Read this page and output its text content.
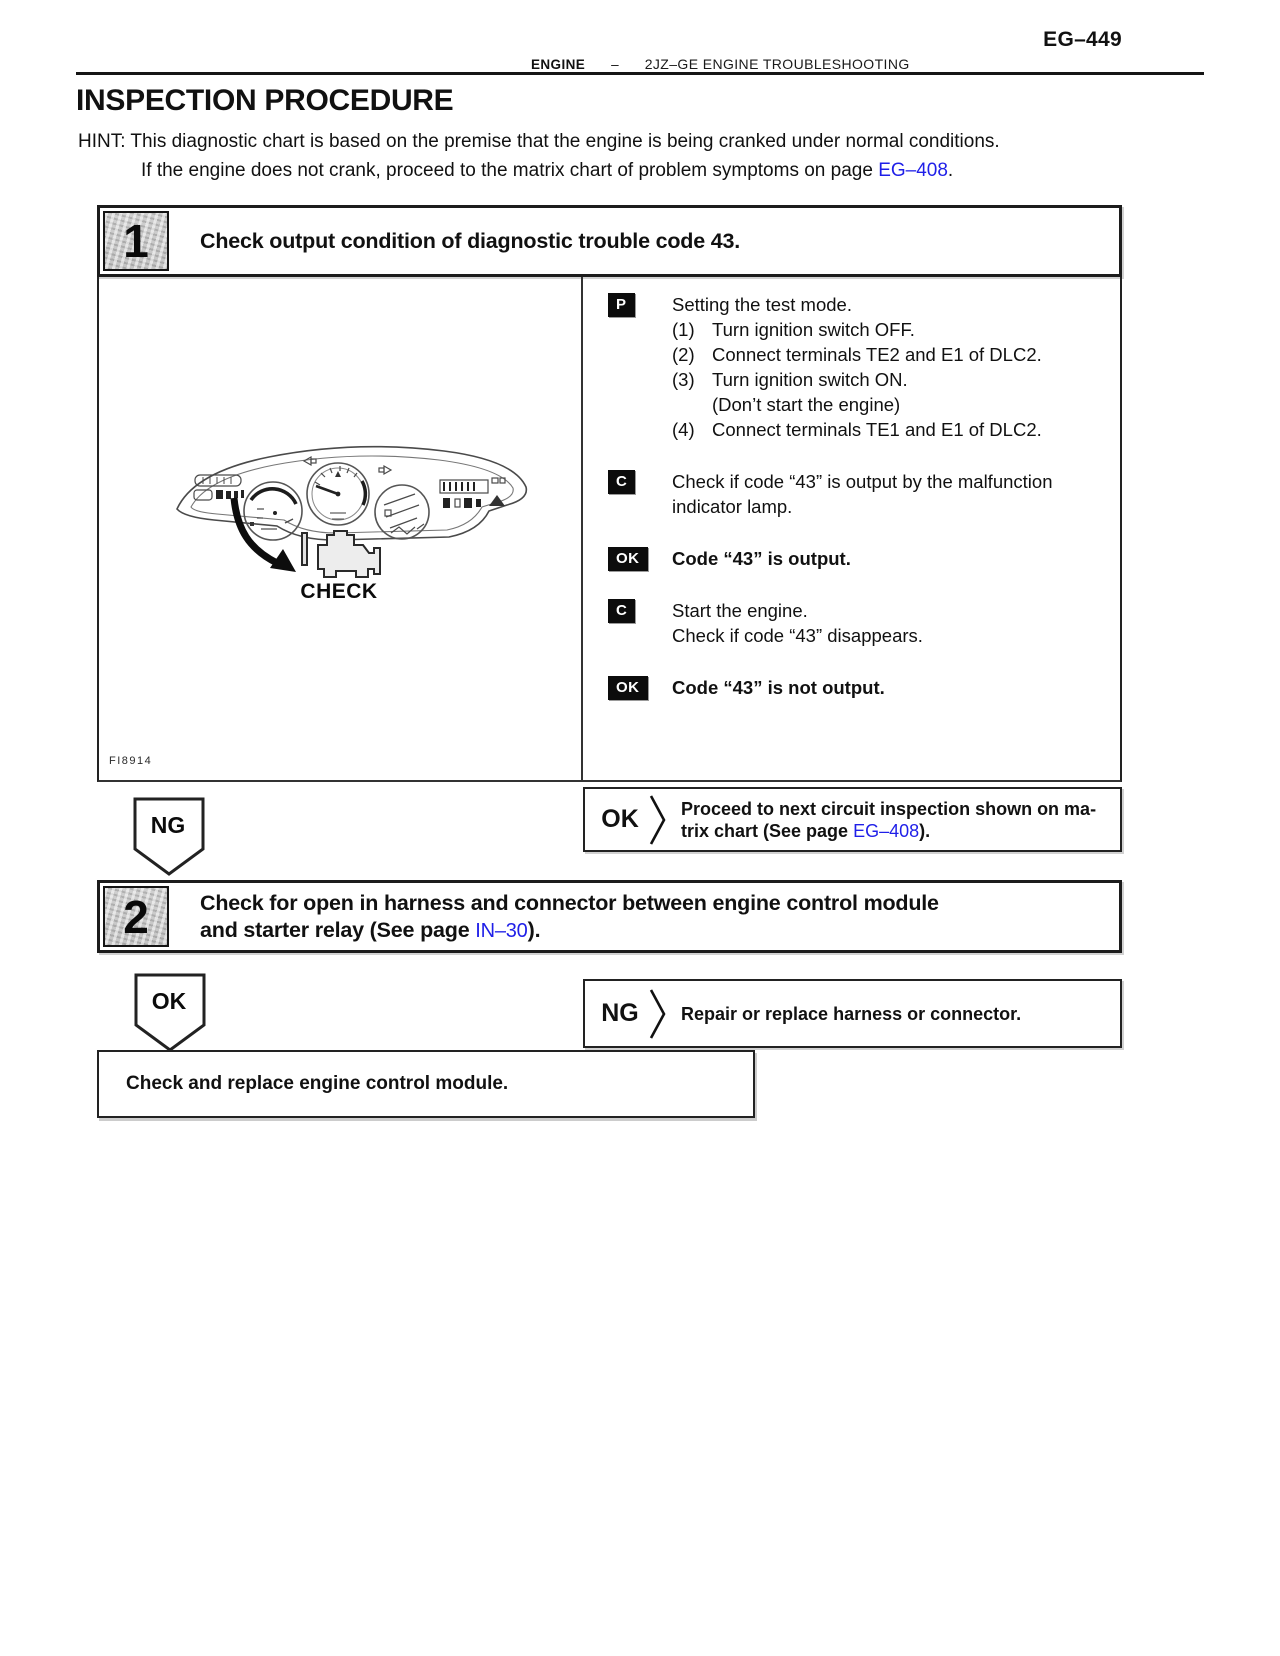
EG–449
ENGINE – 2JZ–GE ENGINE TROUBLESHOOTING
INSPECTION PROCEDURE
HINT: This diagnostic chart is based on the premise that the engine is being cranked under normal conditions.
If the engine does not crank, proceed to the matrix chart of problem symptoms on page EG–408.
1	Check output condition of diagnostic trouble code 43.
CHECK
FI8914
P	Setting the test mode.
(1) Turn ignition switch OFF.
(2) Connect terminals TE2 and E1 of DLC2.
(3) Turn ignition switch ON.
(Don’t start the engine)
(4) Connect terminals TE1 and E1 of DLC2.
C	Check if code “43” is output by the malfunction indicator lamp.
OK	Code “43” is output.
C	Start the engine.
Check if code “43” disappears.
OK	Code “43” is not output.
OK	Proceed to next circuit inspection shown on ma-
trix chart (See page EG–408).
NG
2	Check for open in harness and connector between engine control module
and starter relay (See page IN–30).
OK	NG	Repair or replace harness or connector.
Check and replace engine control module.
